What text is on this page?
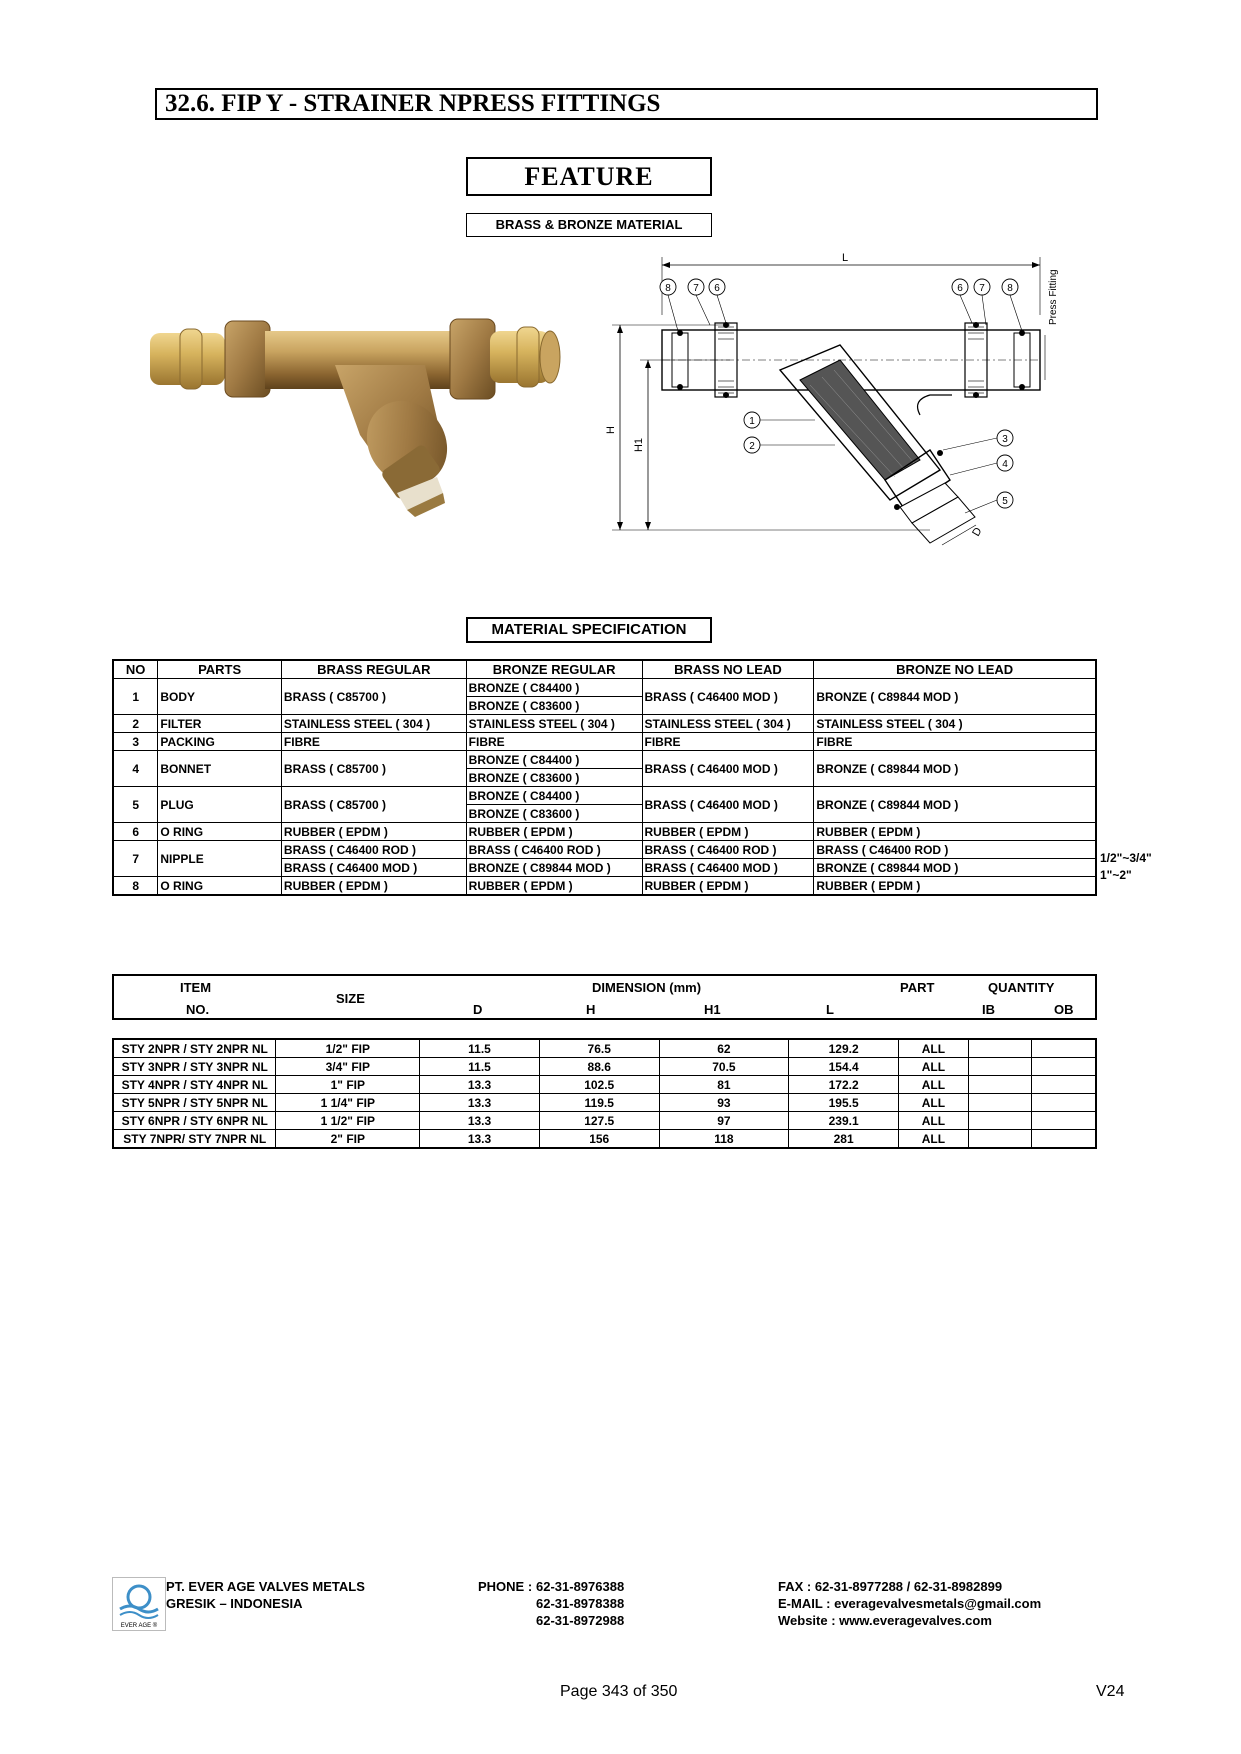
32.6. FIP Y - STRAINER NPRESS FITTINGS
FEATURE
BRASS & BRONZE MATERIAL
L
Press Fitting
H
H1
D
8 7 6	6 7 8
1
2
3
4
5
MATERIAL SPECIFICATION
NO	PARTS	BRASS REGULAR	BRONZE REGULAR	BRASS NO LEAD	BRONZE NO LEAD
1	BODY	BRASS ( C85700 )	BRONZE ( C84400 )	BRASS ( C46400 MOD )	BRONZE ( C89844 MOD )
			BRONZE ( C83600 )		
2	FILTER	STAINLESS STEEL ( 304 )	STAINLESS STEEL ( 304 )	STAINLESS STEEL ( 304 )	STAINLESS STEEL ( 304 )
3	PACKING	FIBRE	FIBRE	FIBRE	FIBRE
4	BONNET	BRASS ( C85700 )	BRONZE ( C84400 )	BRASS ( C46400 MOD )	BRONZE ( C89844 MOD )
			BRONZE ( C83600 )		
5	PLUG	BRASS ( C85700 )	BRONZE ( C84400 )	BRASS ( C46400 MOD )	BRONZE ( C89844 MOD )
			BRONZE ( C83600 )		
6	O RING	RUBBER ( EPDM )	RUBBER ( EPDM )	RUBBER ( EPDM )	RUBBER ( EPDM )
7	NIPPLE	BRASS ( C46400 ROD )	BRASS ( C46400 ROD )	BRASS ( C46400 ROD )	BRASS ( C46400 ROD )
		BRASS ( C46400 MOD )	BRONZE ( C89844 MOD )	BRASS ( C46400 MOD )	BRONZE ( C89844 MOD )
8	O RING	RUBBER ( EPDM )	RUBBER ( EPDM )	RUBBER ( EPDM )	RUBBER ( EPDM )
1/2"~3/4"
1"~2"
ITEM
NO.
SIZE
DIMENSION (mm)
D	H	H1	L
PART	QUANTITY
IB	OB
STY 2NPR / STY 2NPR NL	1/2" FIP	11.5	76.5	62	129.2	ALL		
STY 3NPR / STY 3NPR NL	3/4" FIP	11.5	88.6	70.5	154.4	ALL		
STY 4NPR / STY 4NPR NL	1" FIP	13.3	102.5	81	172.2	ALL		
STY 5NPR / STY 5NPR NL	1 1/4" FIP	13.3	119.5	93	195.5	ALL		
STY 6NPR / STY 6NPR NL	1 1/2" FIP	13.3	127.5	97	239.1	ALL		
STY 7NPR/ STY 7NPR NL	2" FIP	13.3	156	118	281	ALL		
EVER AGE ®
PT. EVER AGE VALVES METALS
GRESIK – INDONESIA
PHONE : 62-31-8976388
62-31-8978388
62-31-8972988
FAX : 62-31-8977288 / 62-31-8982899
E-MAIL : everagevalvesmetals@gmail.com
Website : www.everagevalves.com
Page 343 of 350	V24
